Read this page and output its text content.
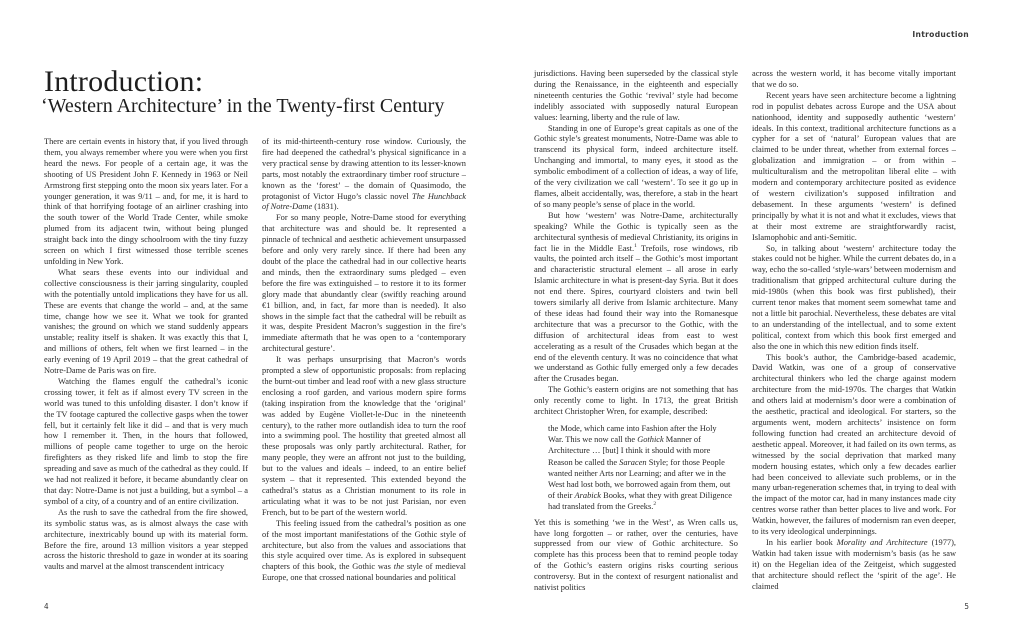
Introduction:
‘Western Architecture’ in the Twenty-first Century

There are certain events in history that, if you lived through them, you always remember where you were when you first heard the news. For people of a certain age, it was the shooting of US President John F. Kennedy in 1963 or Neil Armstrong first stepping onto the moon six years later. For a younger generation, it was 9/11 – and, for me, it is hard to think of that horrifying footage of an airliner crashing into the south tower of the World Trade Center, while smoke plumed from its adjacent twin, without being plunged straight back into the dingy schoolroom with the tiny fuzzy screen on which I first witnessed those terrible scenes unfolding in New York.

What sears these events into our individual and collective consciousness is their jarring singularity, coupled with the potentially untold implications they have for us all. These are events that change the world – and, at the same time, change how we see it. What we took for granted vanishes; the ground on which we stand suddenly appears unstable; reality itself is shaken. It was exactly this that I, and millions of others, felt when we first learned – in the early evening of 19 April 2019 – that the great cathedral of Notre-Dame de Paris was on fire.

Watching the flames engulf the cathedral’s iconic crossing tower, it felt as if almost every TV screen in the world was tuned to this unfolding disaster. I don’t know if the TV footage captured the collective gasps when the tower fell, but it certainly felt like it did – and that is very much how I remember it. Then, in the hours that followed, millions of people came together to urge on the heroic firefighters as they risked life and limb to stop the fire spreading and save as much of the cathedral as they could. If we had not realized it before, it became abundantly clear on that day: Notre-Dame is not just a building, but a symbol – a symbol of a city, of a country and of an entire civilization.

As the rush to save the cathedral from the fire showed, its symbolic status was, as is almost always the case with architecture, inextricably bound up with its material form. Before the fire, around 13 million visitors a year stepped across the historic threshold to gaze in wonder at its soaring vaults and marvel at the almost transcendent intricacy

of its mid-thirteenth-century rose window. Curiously, the fire had deepened the cathedral’s physical significance in a very practical sense by drawing attention to its lesser-known parts, most notably the extraordinary timber roof structure – known as the ‘forest’ – the domain of Quasimodo, the protagonist of Victor Hugo’s classic novel The Hunchback of Notre-Dame (1831).

For so many people, Notre-Dame stood for everything that architecture was and should be. It represented a pinnacle of technical and aesthetic achievement unsurpassed before and only very rarely since. If there had been any doubt of the place the cathedral had in our collective hearts and minds, then the extraordinary sums pledged – even before the fire was extinguished – to restore it to its former glory made that abundantly clear (swiftly reaching around €1 billion, and, in fact, far more than is needed). It also shows in the simple fact that the cathedral will be rebuilt as it was, despite President Macron’s suggestion in the fire’s immediate aftermath that he was open to a ‘contemporary architectural gesture’.

It was perhaps unsurprising that Macron’s words prompted a slew of opportunistic proposals: from replacing the burnt-out timber and lead roof with a new glass structure enclosing a roof garden, and various modern spire forms (taking inspiration from the knowledge that the ‘original’ was added by Eugène Viollet-le-Duc in the nineteenth century), to the rather more outlandish idea to turn the roof into a swimming pool. The hostility that greeted almost all these proposals was only partly architectural. Rather, for many people, they were an affront not just to the building, but to the values and ideals – indeed, to an entire belief system – that it represented. This extended beyond the cathedral’s status as a Christian monument to its role in articulating what it was to be not just Parisian, nor even French, but to be part of the western world.

This feeling issued from the cathedral’s position as one of the most important manifestations of the Gothic style of architecture, but also from the values and associations that this style acquired over time. As is explored in subsequent chapters of this book, the Gothic was the style of medieval Europe, one that crossed national boundaries and political

4
Introduction

jurisdictions. Having been superseded by the classical style during the Renaissance, in the eighteenth and especially nineteenth centuries the Gothic ‘revival’ style had become indelibly associated with supposedly natural European values: learning, liberty and the rule of law.

Standing in one of Europe’s great capitals as one of the Gothic style’s greatest monuments, Notre-Dame was able to transcend its physical form, indeed architecture itself. Unchanging and immortal, to many eyes, it stood as the symbolic embodiment of a collection of ideas, a way of life, of the very civilization we call ‘western’. To see it go up in flames, albeit accidentally, was, therefore, a stab in the heart of so many people’s sense of place in the world.

But how ‘western’ was Notre-Dame, architecturally speaking? While the Gothic is typically seen as the architectural synthesis of medieval Christianity, its origins in fact lie in the Middle East.$^1$ Trefoils, rose windows, rib vaults, the pointed arch itself – the Gothic’s most important and characteristic structural element – all arose in early Islamic architecture in what is present-day Syria. But it does not end there. Spires, courtyard cloisters and twin bell towers similarly all derive from Islamic architecture. Many of these ideas had found their way into the Romanesque architecture that was a precursor to the Gothic, with the diffusion of architectural ideas from east to west accelerating as a result of the Crusades which began at the end of the eleventh century. It was no coincidence that what we understand as Gothic fully emerged only a few decades after the Crusades began.

The Gothic’s eastern origins are not something that has only recently come to light. In 1713, the great British architect Christopher Wren, for example, described:

the Mode, which came into Fashion after the Holy War. This we now call the Gothick Manner of Architecture … [but] I think it should with more Reason be called the Saracen Style; for those People wanted neither Arts nor Learning; and after we in the West had lost both, we borrowed again from them, out of their Arabick Books, what they with great Diligence had translated from the Greeks.$^2$

Yet this is something ‘we in the West’, as Wren calls us, have long forgotten – or rather, over the centuries, have suppressed from our view of Gothic architecture. So complete has this process been that to remind people today of the Gothic’s eastern origins risks courting serious controversy. But in the context of resurgent nationalist and nativist politics

across the western world, it has become vitally important that we do so.

Recent years have seen architecture become a lightning rod in populist debates across Europe and the USA about nationhood, identity and supposedly authentic ‘western’ ideals. In this context, traditional architecture functions as a cypher for a set of ‘natural’ European values that are claimed to be under threat, whether from external forces – globalization and immigration – or from within – multiculturalism and the metropolitan liberal elite – with modern and contemporary architecture posited as evidence of western civilization’s supposed infiltration and debasement. In these arguments ‘western’ is defined principally by what it is not and what it excludes, views that at their most extreme are straightforwardly racist, Islamophobic and anti-Semitic.

So, in talking about ‘western’ architecture today the stakes could not be higher. While the current debates do, in a way, echo the so-called ‘style-wars’ between modernism and traditionalism that gripped architectural culture during the mid-1980s (when this book was first published), their current tenor makes that moment seem somewhat tame and not a little bit parochial. Nevertheless, these debates are vital to an understanding of the intellectual, and to some extent political, context from which this book first emerged and also the one in which this new edition finds itself.

This book’s author, the Cambridge-based academic, David Watkin, was one of a group of conservative architectural thinkers who led the charge against modern architecture from the mid-1970s. The charges that Watkin and others laid at modernism’s door were a combination of the aesthetic, practical and ideological. For starters, so the arguments went, modern architects’ insistence on form following function had created an architecture devoid of aesthetic appeal. Moreover, it had failed on its own terms, as witnessed by the social deprivation that marked many modern housing estates, which only a few decades earlier had been conceived to alleviate such problems, or in the many urban-regeneration schemes that, in trying to deal with the impact of the motor car, had in many instances made city centres worse rather than better places to live and work. For Watkin, however, the failures of modernism ran even deeper, to its very ideological underpinnings.

In his earlier book Morality and Architecture (1977), Watkin had taken issue with modernism’s basis (as he saw it) on the Hegelian idea of the Zeitgeist, which suggested that architecture should reflect the ‘spirit of the age’. He claimed

5
